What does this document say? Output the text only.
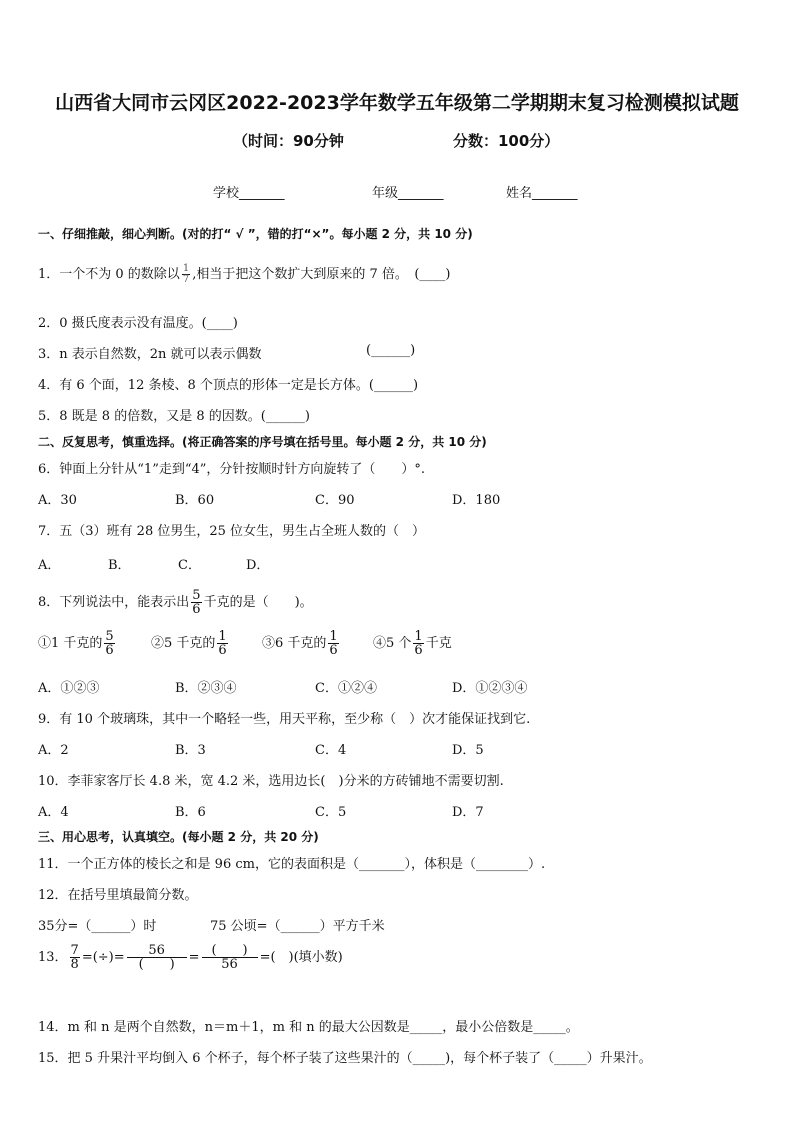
山西省大同市云冈区2022-2023学年数学五年级第二学期期末复习检测模拟试题
（时间：90分钟	分数：100分）
学校_______	年级_______	姓名_______
一、仔细推敲，细心判断。(对的打“ √ ”，错的打“×”。每小题 2 分，共 10 分)
1．一个不为 0 的数除以 $\frac{1}{7}$ ,相当于把这个数扩大到原来的 7 倍。　(____)
2．0 摄氏度表示没有温度。(____)
3．n 表示自然数，2n 就可以表示偶数	(______)
4．有 6 个面，12 条棱、8 个顶点的形体一定是长方体。(______)
5．8 既是 8 的倍数，又是 8 的因数。(______)
二、反复思考，慎重选择。(将正确答案的序号填在括号里。每小题 2 分，共 10 分)
6．钟面上分针从“1”走到“4”，分针按顺时针方向旋转了（　　）°.
A．30	B．60	C．90	D．180
7．五（3）班有 28 位男生，25 位女生，男生占全班人数的（　）
A．	B．	C．	D．
8．下列说法中，能表示出 $\frac{5}{6}$ 千克的是（　　)。
①1 千克的 $\frac{5}{6}$	②5 千克的 $\frac{1}{6}$	③6 千克的 $\frac{1}{6}$	④5 个 $\frac{1}{6}$ 千克
A．①②③	B．②③④	C．①②④	D．①②③④
9．有 10 个玻璃珠，其中一个略轻一些，用天平称，至少称（　）次才能保证找到它.
A．2	B．3	C．4	D．5
10．李菲家客厅长 4.8 米，宽 4.2 米，选用边长(　)分米的方砖铺地不需要切割.
A．4	B．6	C．5	D．7
三、用心思考，认真填空。(每小题 2 分，共 20 分)
11．一个正方体的棱长之和是 96 cm，它的表面积是（_______），体积是（________）.
12．在括号里填最简分数。
35分=（______）时	75 公顷=（______）平方千米
13． $\frac{7}{8}$ =(÷)= $\frac{56}{( )} = \frac{( )}{56}$ =(　)(填小数)
14．m 和 n 是两个自然数，n＝m＋1，m 和 n 的最大公因数是_____，最小公倍数是_____。
15．把 5 升果汁平均倒入 6 个杯子，每个杯子装了这些果汁的（_____)，每个杯子装了（_____）升果汁。
